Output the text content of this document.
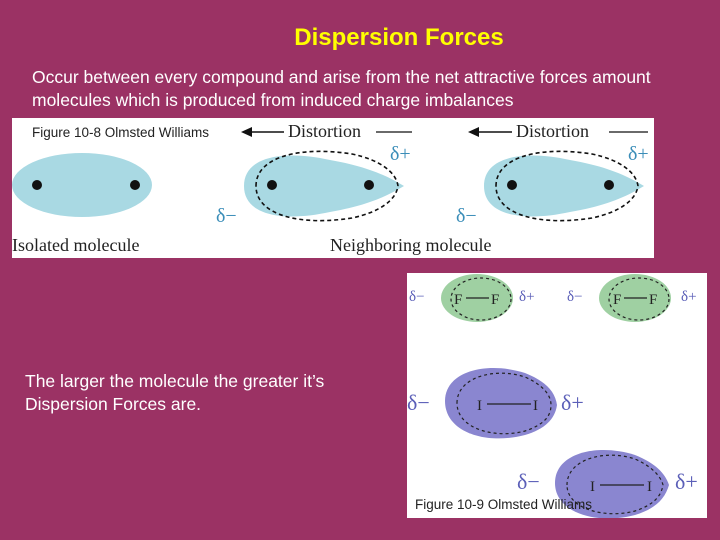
Dispersion Forces
Occur between every compound and arise from the net attractive forces amount molecules which is produced from induced charge imbalances
Distortion	Distortion
δ+
δ−
δ+
δ−
Isolated molecule	Neighboring molecule
Figure 10-8 Olmsted Williams
The larger the molecule the greater it’s Dispersion Forces are.
F F
δ−	δ+	F F
δ−	δ+
I	I
δ−	δ+
I	I
δ−	δ+
Figure 10-9 Olmsted Williams
